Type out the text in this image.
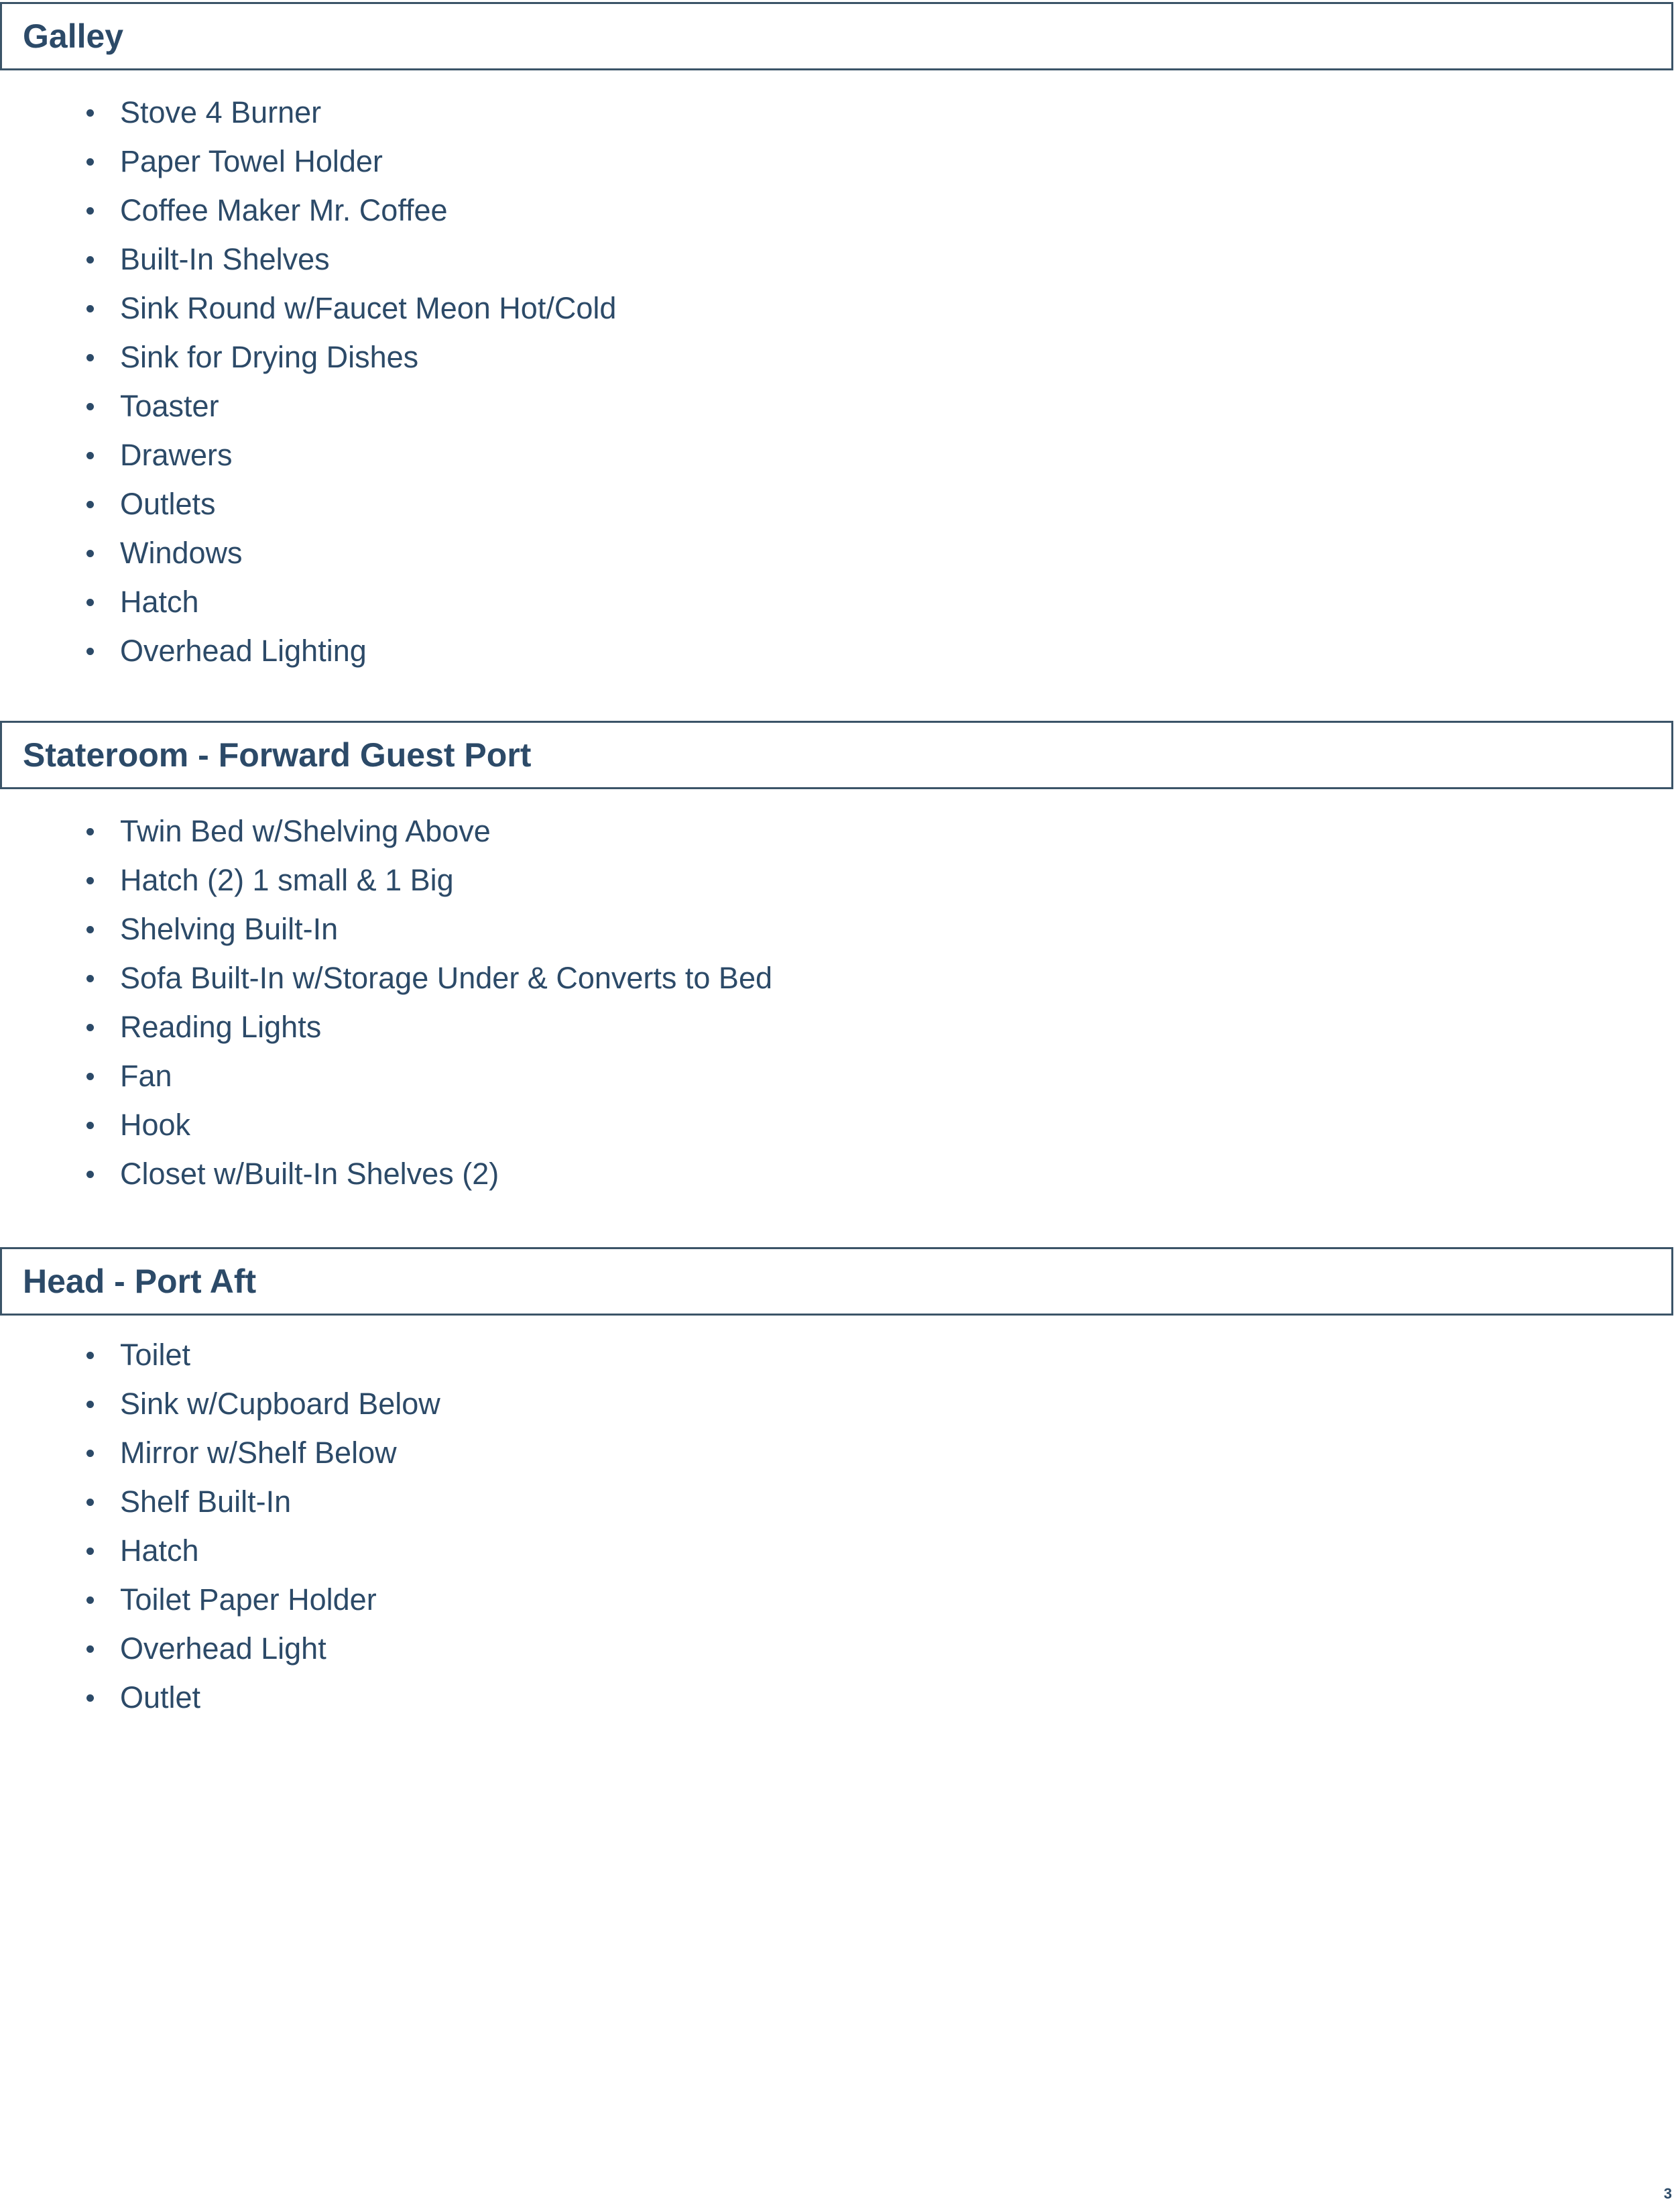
Galley
Stove 4 Burner
Paper Towel Holder
Coffee Maker Mr. Coffee
Built-In Shelves
Sink Round w/Faucet Meon Hot/Cold
Sink for Drying Dishes
Toaster
Drawers
Outlets
Windows
Hatch
Overhead Lighting
Stateroom - Forward Guest Port
Twin Bed w/Shelving Above
Hatch (2) 1 small & 1 Big
Shelving Built-In
Sofa Built-In w/Storage Under & Converts to Bed
Reading Lights
Fan
Hook
Closet w/Built-In Shelves (2)
Head - Port Aft
Toilet
Sink w/Cupboard Below
Mirror w/Shelf Below
Shelf Built-In
Hatch
Toilet Paper Holder
Overhead Light
Outlet
3
